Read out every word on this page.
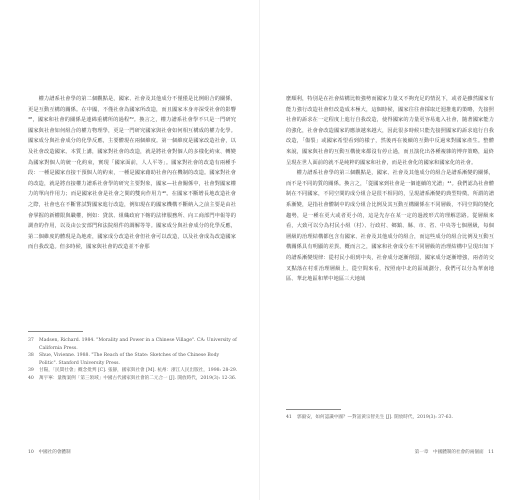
權力譜系社會學的第二個觀點是，國家、社會及其他成分不僅僅是比例組合的關係，更是互動互構的關係。在中國，不僅社會為國家所改造，而且國家本身亦深受社會的影響³⁸，國家和社會的關係是連綿重構所的過程³⁹。換言之，權力譜系社會學不只是一門研究國家與社會如何組合的權力物理學，更是一門研究國家與社會如何相互構成的權力化學。國家成分與社會成分的化學反應，主要體現在兩個維度。第一個維度是國家改造社會，以及社會改造國家。本質上講，國家對社會的改造，就是將社會對個人的多樣化約束、轉變為國家對個人的統一化約束，實現「國家面前，人人平等」。國家對社會的改造有兩種手段：一種是國家直接干預個人的約束，一種是國家藉助社會內在機制的改造。國家對社會的改造，就是將直接權力譜系社會學的研究主要對象，國家—社會關係中，社會對國家權力的單向作用力；而是國家社會是社會之間的雙向作用力⁴⁰。在國家不斷增長地改造社會之際，社會也在不斷嘗試對國家進行改造，例如現在的國家機構不斷納入之前主要是由社會掌握的新權限與職權，例如：貸款、組織政府下轄的法律服務所、向工商部門申報等的調查的作用，以及由公安部門和法院組件的調解等等。國家成分與社會成分的化學反應，第二個維度的體現是為地產，國家成分改造社會但社會可以改造，以及社會成為改造國家而自我改造。但多時候，國家與社會的改造並不會那

37	Madsen, Richard. 1984. "Morality and Power in a Chinese Village". CA: University of California Press.
38	Shue, Vivienne. 1988. "The Reach of the State: Sketches of the Chinese Body Politic". Stanford University Press.
39	甘陽，「民間社會」概念批判 [C]. 張靜，國家與社會 [M]. 杭州：浙江人民出版社，1998: 28-29.
40	萬宇寧：量衡案例「第三領域」中國古代國家與社會的二元合一 [J]. 開放時代，2019(3): 12-36.
10　中國社的會體制

麼順利，特別是在社會結構比較強勢而國家力量又不夠充足的情況下，或者是雖然國家有能力強行改造社會但改造成本極大，這個時候，國家往往會採取迂迴推進的策略，先接照社會的訴求在一定程度上進行自我改造，使得國家的力量更容易進入社會，隨著國家能力的強化，社會會改造國家的應該越來越大，因此很多時候只能先接照國家的訴求進行自我改造，「傷裂」或國家希望看到的樣子，然後再在後續的互動中反過來對國家產生。整體來說，國家與社會的互動互構使來都沒有停止過，而且演化出各種複雜的博弈策略，最終呈現在世人面前的就不是純粹的國家和社會，而是社會化的國家和國家化的社會。

權力譜系社會學的第三個觀點是，國家、社會及其他成分的組合是譜系漸變的關係，而不是不同的質的關係。換言之，「從國家到社會是一個連續的光譜」⁴¹。我們認為社會體制在不同國家，不同空間的成分組合是很不相同的，呈現譜系漸變的典型特徵。所謂的譜系漸變，是指社會體制中的成分組合比例及其互動互構關係在不同層級，不同空間的變化趨勢，是一種在更大或者更小的，這是先存在某一定的過渡形式的理解思路。從層級來看，大致可以分為村民小組（村）、行政村、鄉鎮、縣、市、省、中央等七個層級，每個層級的治理結構都包含有國家、社會及其他成分的組合，而這些成分的組合比例及互動互構關係具有明顯的差異。概而言之，國家和社會成分在不同層級的治理結構中呈現出如下的譜系漸變規律：從村民小組到中央，社會成分逐漸削弱，國家成分逐漸增強，兩者的交叉點落在村莊治理層級上，從空間來看，按照南中北的區域劃分，我們可以分為華南地區、華北地區和華中地區三大地域

41	郭毅安，如何認識中國？—對話黃宗智先生 [J]. 開放時代，2019(3): 37-63.
第一章　中國體制的社會的兩個面　11
